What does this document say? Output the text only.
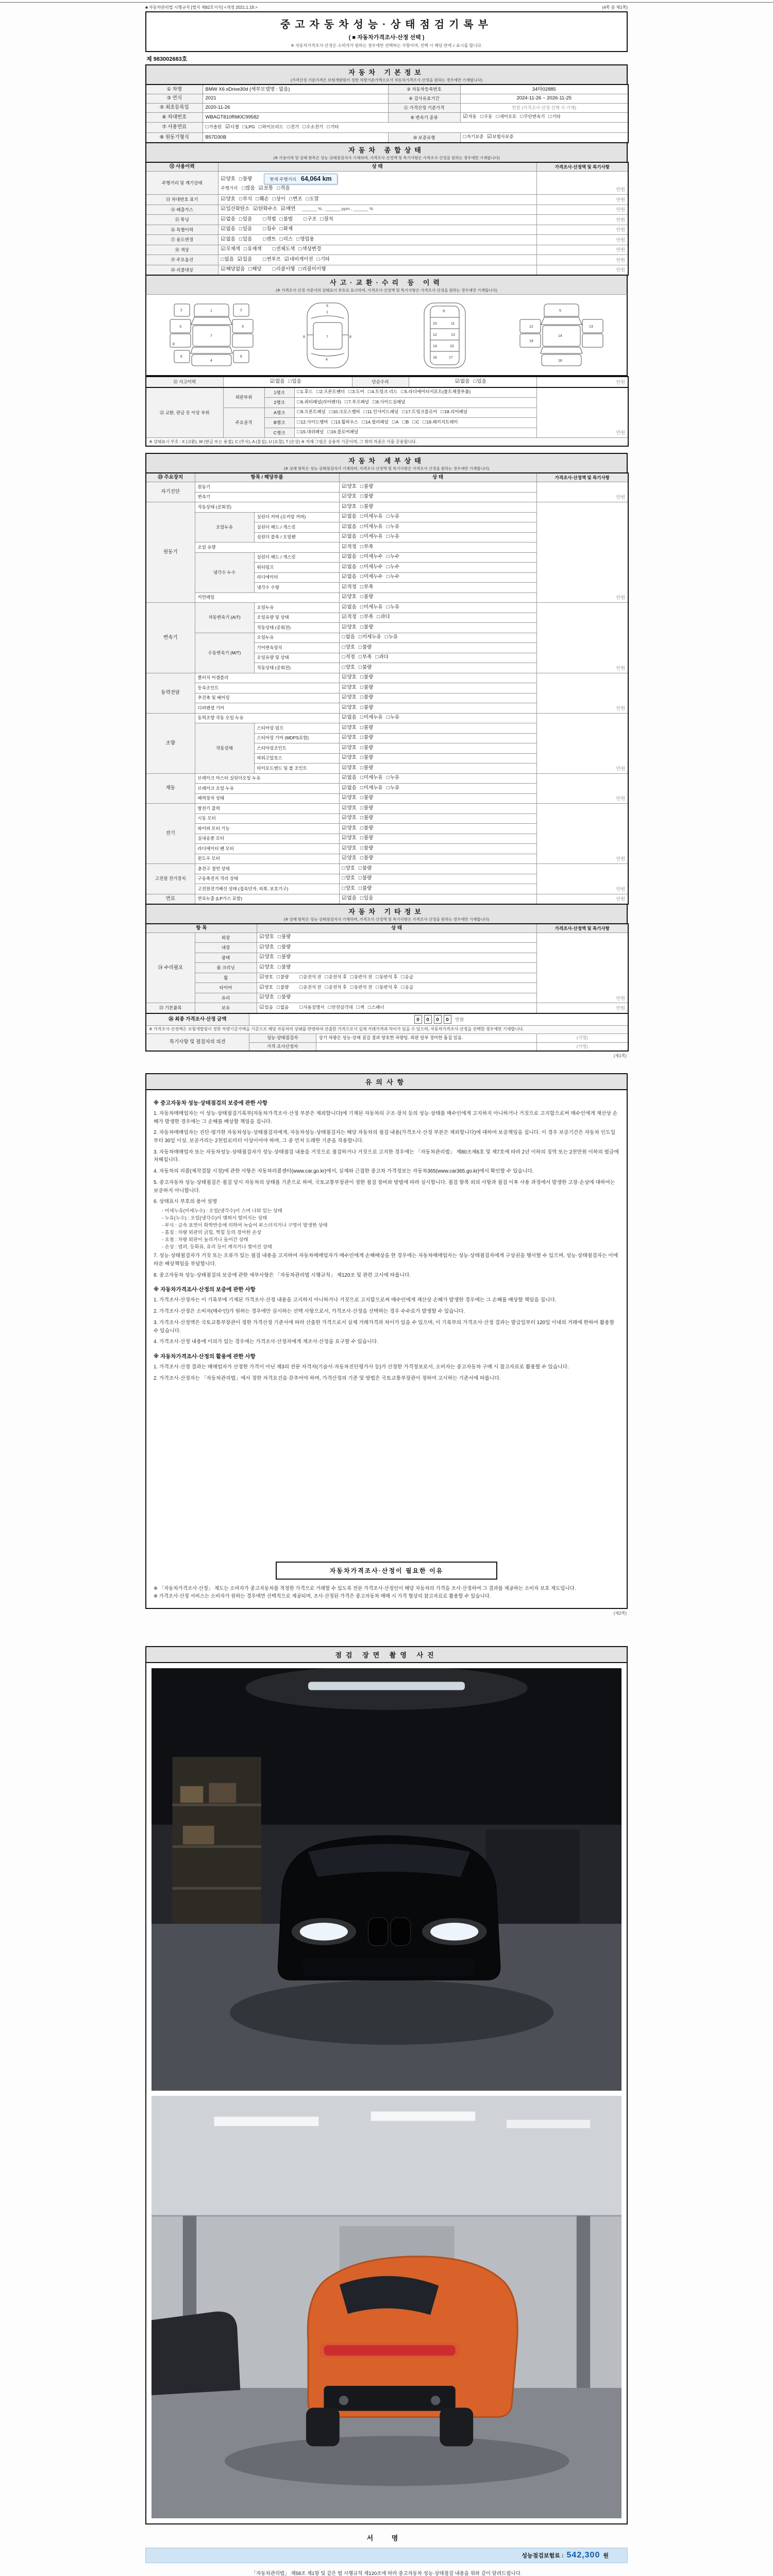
■ 자동차관리법 시행규칙 [별지 제82호서식] <개정 2021.1.19.>	(4쪽 중 제1쪽)
중고자동차성능·상태점검기록부
( ■ 자동차가격조사·산정 선택 )
※ 자동차가격조사·산정은 소비자가 원하는 경우에만 선택하는 사항이며, 선택 시 해당 란에 √ 표시를 합니다.
제 983002683호
자동차 기본정보
(가격산정 기준가격은 보험개발원이 정한 차량기준가액으로서 자동차가격조사·산정을 원하는 경우에만 기재합니다)
① 차명	BMW X6 xDrive30d (세부모델명 : 없음)	② 자동차등록번호	34타02885
③ 연식	2021	④ 검사유효기간	2024-11-26 ~ 2026-11-25
⑤ 최초등록일	2020-11-26	⑪ 가격산정 기준가격	만원 (가격조사·산정 선택 시 기재)
⑥ 차대번호	WBAGT810RM0C99582	⑨ 변속기 종류	☑자동 □수동 □세미오토 □무단변속기 □기타
⑦ 사용연료	□가솔린 ☑디젤 □LPG □하이브리드 □전기 □수소전기 □기타		
⑧ 원동기형식	B57D30B	⑩ 보증유형	□자기보증 ☑보험사보증
자동차 종합상태
(※ 사용이력 및 상태 항목은 성능·상태점검자가 기재하며, 가격조사·산정액 및 특기사항은 가격조사·산정을 원하는 경우에만 기재합니다)
⑫ 사용이력	상 태	가격조사·산정액 및 특기사항
주행거리 및 계기상태	☑양호 □불량 현재 주행거리 64,064 km
주행거리 □많음 ☑보통 □적음	만원
⑬ 차대번호 표기	☑양호 □부식 □훼손 □상이 □변조 □도말	만원
⑭ 배출가스	☑일산화탄소 ☑탄화수소 ☑매연 ______ % , ______ ppm , ______ %	만원
⑮ 튜닝	☑없음 □있음 □적법 □불법 □구조 □장치	만원
⑯ 특별이력	☑없음 □있음 □침수 □화재	만원
⑰ 용도변경	☑없음 □있음 □렌트 □리스 □영업용	만원
⑱ 색상	☑무채색 □유채색 □전체도색 □색상변경	만원
⑲ 주요옵션	□없음 ☑있음 □썬루프 ☑네비게이션 □기타	만원
⑳ 리콜대상	☑해당없음 □해당 □리콜이행 □리콜미이행	만원
사고·교환·수리 등 이력
(※ 가격조사·산정 기준서의 상태표시 부호로 표시하며, 가격조사·산정액 및 특기사항은 가격조사·산정을 원하는 경우에만 기재합니다)
1
2	2
3	3
4
6	6
7
8
1
7
4
8	8
5
9
10	11
12	13
14	15
16	17
5
12	13
14
18
19
㉑ 사고이력	☑없음 □있음	단순수리	☑없음 □있음	만원
㉒ 교환, 판금 등 이상 부위	외판부위	1랭크	□1.후드 □2.프론트펜더 □3.도어 □4.트렁크 리드 □5.라디에이터서포트(볼트체결부품)	만원
		2랭크	□6.쿼터패널(리어펜더) □7.루프패널 □8.사이드실패널	
	주요골격	A랭크	□9.프론트패널 □10.크로스멤버 □11.인사이드패널 □17.트렁크플로어 □18.리어패널	
		B랭크	□12.사이드멤버 □13.휠하우스 □14.필러패널 □A □B □C □19.패키지트레이	
		C랭크	□15.대쉬패널 □16.플로어패널	
※ 상태표시 부호 : X (교환), W (판금 또는 용접), C (부식), A (흠집), U (요철), T (손상) ※ 차체 그림은 승용차 기준이며, 그 밖의 차종은 이를 준용합니다.				
자동차 세부상태
(※ 상태 항목은 성능·상태점검자가 기재하며, 가격조사·산정액 및 특기사항은 가격조사·산정을 원하는 경우에만 기재합니다)
㉓ 주요장치	항목 / 해당부품		상 태	가격조사·산정액 및 특기사항
자기진단	원동기		☑양호 □불량	만원
	변속기		☑양호 □불량	
원동기	작동상태 (공회전)		☑양호 □불량	만원
	오일누유	실린더 커버 (로커암 커버)	☑없음 □미세누유 □누유	
		실린더 헤드 / 개스킷	☑없음 □미세누유 □누유	
		실린더 블록 / 오일팬	☑없음 □미세누유 □누유	
	오일 유량		☑적정 □부족	
	냉각수 누수	실린더 헤드 / 개스킷	☑없음 □미세누수 □누수	
		워터펌프	☑없음 □미세누수 □누수	
		라디에이터	☑없음 □미세누수 □누수	
		냉각수 수량	☑적정 □부족	
	커먼레일		☑양호 □불량	
변속기	자동변속기 (A/T)	오일누유	☑없음 □미세누유 □누유	만원
		오일유량 및 상태	☑적정 □부족 □과다	
		작동상태 (공회전)	☑양호 □불량	
	수동변속기 (M/T)	오일누유	□없음 □미세누유 □누유	
		기어변속장치	□양호 □불량	
		오일유량 및 상태	□적정 □부족 □과다	
		작동상태 (공회전)	□양호 □불량	
동력전달	클러치 어셈블리		☑양호 □불량	만원
	등속조인트		☑양호 □불량	
	추진축 및 베어링		☑양호 □불량	
	디퍼렌셜 기어		☑양호 □불량	
조향	동력조향 작동 오일 누유		☑없음 □미세누유 □누유	만원
	작동상태	스티어링 펌프	☑양호 □불량	
		스티어링 기어 (MDPS포함)	☑양호 □불량	
		스티어링조인트	☑양호 □불량	
		파워고압호스	☑양호 □불량	
		타이로드엔드 및 볼 조인트	☑양호 □불량	
제동	브레이크 마스터 실린더오일 누유		☑없음 □미세누유 □누유	만원
	브레이크 오일 누유		☑없음 □미세누유 □누유	
	배력장치 상태		☑양호 □불량	
전기	발전기 출력		☑양호 □불량	만원
	시동 모터		☑양호 □불량	
	와이퍼 모터 기능		☑양호 □불량	
	실내송풍 모터		☑양호 □불량	
	라디에이터 팬 모터		☑양호 □불량	
	윈도우 모터		☑양호 □불량	
고전원 전기장치	충전구 절연 상태		□양호 □불량	만원
	구동축전지 격리 상태		□양호 □불량	
	고전원전기배선 상태 (접속단자, 피복, 보호기구)		□양호 □불량	
연료	연료누출 (LP가스 포함)		☑없음 □있음	만원
자동차 기타정보
(※ 상태 항목은 성능·상태점검자가 기재하며, 가격조사·산정액 및 특기사항은 가격조사·산정을 원하는 경우에만 기재합니다)
항 목		상 태	가격조사·산정액 및 특기사항
㉔ 수리필요	외장	☑양호 □불량	만원
	내장	☑양호 □불량	
	광택	☑양호 □불량	
	룸 크리닝	☑양호 □불량	
	휠	☑양호 □불량 □운전석 전 □운전석 후 □동반석 전 □동반석 후 □응급	
	타이어	☑양호 □불량 □운전석 전 □운전석 후 □동반석 전 □동반석 후 □응급	
	유리	☑양호 □불량	
㉕ 기본품목	보유	☑있음 □없음 □사용설명서 □안전삼각대 □잭 □스패너	만원
㉖ 최종 가격조사·산정 금액	0 0 0 0 만원		
※ 가격조사·산정액은 보험개발원이 정한 차량기준가액을 기준으로 해당 자동차의 상태를 반영하여 산출한 가격으로서 실제 거래가격과 차이가 있을 수 있으며, 자동차가격조사·산정을 선택한 경우에만 기재합니다.			
특기사항 및 점검자의 의견	성능·상태점검자	상기 차량은 성능·상태 점검 결과 양호한 차량임. 외판 일부 경미한 흠집 있음.	(서명)
	가격·조사산정자		(서명)
(제1쪽)
유의사항
※ 중고자동차 성능·상태점검의 보증에 관한 사항
1. 자동차매매업자는 이 성능·상태점검기록부(자동차가격조사·산정 부분은 제외합니다)에 기재된 자동차의 구조·장치 등의 성능·상태를 매수인에게 고지하지 아니하거나 거짓으로 고지함으로써 매수인에게 재산상 손해가 발생한 경우에는 그 손해를 배상할 책임을 집니다.
2. 자동차매매업자는 진단·평가한 자동차성능·상태점검자에게, 자동차성능·상태점검자는 해당 자동차의 점검 내용(가격조사·산정 부분은 제외합니다)에 대하여 보증책임을 집니다. 이 경우 보증기간은 자동차 인도일부터 30일 이상, 보증거리는 2천킬로미터 이상이어야 하며, 그 중 먼저 도래한 기준을 적용합니다.
3. 자동차매매업자 또는 자동차성능·상태점검자가 성능·상태점검 내용을 거짓으로 점검하거나 거짓으로 고지한 경우에는 「자동차관리법」 제80조제6호 및 제7호에 따라 2년 이하의 징역 또는 2천만원 이하의 벌금에 처해집니다.
4. 자동차의 리콜(제작결함 시정)에 관한 사항은 자동차리콜센터(www.car.go.kr)에서, 실제와 근접한 중고차 가격정보는 자동차365(www.car365.go.kr)에서 확인할 수 있습니다.
5. 중고자동차 성능·상태점검은 점검 당시 자동차의 상태를 기준으로 하며, 국토교통부장관이 정한 점검 장비와 방법에 따라 실시합니다. 점검 항목 외의 사항과 점검 이후 사용 과정에서 발생한 고장·손상에 대하여는 보증하지 아니합니다.
6. 상태표시 부호의 용어 설명
- 미세누유(미세누수) : 오일(냉각수)이 스며 나와 있는 상태
- 누유(누수) : 오일(냉각수)이 맺혀서 떨어지는 상태
- 부식 : 금속 표면이 화학반응에 의하여 녹슬어 부스러지거나 구멍이 발생한 상태
- 흠집 : 차량 외판의 긁힘, 찍힘 등의 경미한 손상
- 요철 : 차량 외판이 눌리거나 들어간 상태
- 손상 : 범퍼, 등화류, 유리 등이 깨지거나 찢어진 상태
7. 성능·상태점검자가 거짓 또는 오류가 있는 점검 내용을 고지하여 자동차매매업자가 매수인에게 손해배상을 한 경우에는 자동차매매업자는 성능·상태점검자에게 구상권을 행사할 수 있으며, 성능·상태점검자는 이에 따른 배상책임을 부담합니다.
8. 중고자동차 성능·상태점검의 보증에 관한 세부사항은 「자동차관리법 시행규칙」 제120조 및 관련 고시에 따릅니다.
※ 자동차가격조사·산정의 보증에 관한 사항
1. 가격조사·산정자는 이 기록부에 기재된 가격조사·산정 내용을 고지하지 아니하거나 거짓으로 고지함으로써 매수인에게 재산상 손해가 발생한 경우에는 그 손해를 배상할 책임을 집니다.
2. 가격조사·산정은 소비자(매수인)가 원하는 경우에만 실시하는 선택 사항으로서, 가격조사·산정을 선택하는 경우 수수료가 발생할 수 있습니다.
3. 가격조사·산정액은 국토교통부장관이 정한 가격산정 기준서에 따라 산출한 가격으로서 실제 거래가격과 차이가 있을 수 있으며, 이 기록부의 가격조사·산정 결과는 발급일부터 120일 이내의 거래에 한하여 활용할 수 있습니다.
4. 가격조사·산정 내용에 이의가 있는 경우에는 가격조사·산정자에게 재조사·산정을 요구할 수 있습니다.
※ 자동차가격조사·산정의 활용에 관한 사항
1. 가격조사·산정 결과는 매매업자가 산정한 가격이 아닌 제3의 전문 자격자(기술사·자동차진단평가사 등)가 산정한 가격정보로서, 소비자는 중고자동차 구매 시 참고자료로 활용할 수 있습니다.
2. 가격조사·산정자는 「자동차관리법」에서 정한 자격요건을 갖추어야 하며, 가격산정의 기준 및 방법은 국토교통부장관이 정하여 고시하는 기준서에 따릅니다.
자동차가격조사·산정이 필요한 이유
※ 「자동차가격조사·산정」 제도는 소비자가 중고자동차를 적정한 가격으로 거래할 수 있도록 전문 가격조사·산정인이 해당 자동차의 가격을 조사·산정하여 그 결과를 제공하는 소비자 보호 제도입니다.
※ 가격조사·산정 서비스는 소비자가 원하는 경우에만 선택적으로 제공되며, 조사·산정된 가격은 중고자동차 매매 시 가격 협상의 참고자료로 활용할 수 있습니다.
(제2쪽)
점검 장면 촬영 사진
서 명
성능점검보험료 : 542,300 원
「자동차관리법」 제58조 제1항 및 같은 법 시행규칙 제120조에 따라 중고자동차 성능·상태점검 내용을 위와 같이 알려드립니다.
